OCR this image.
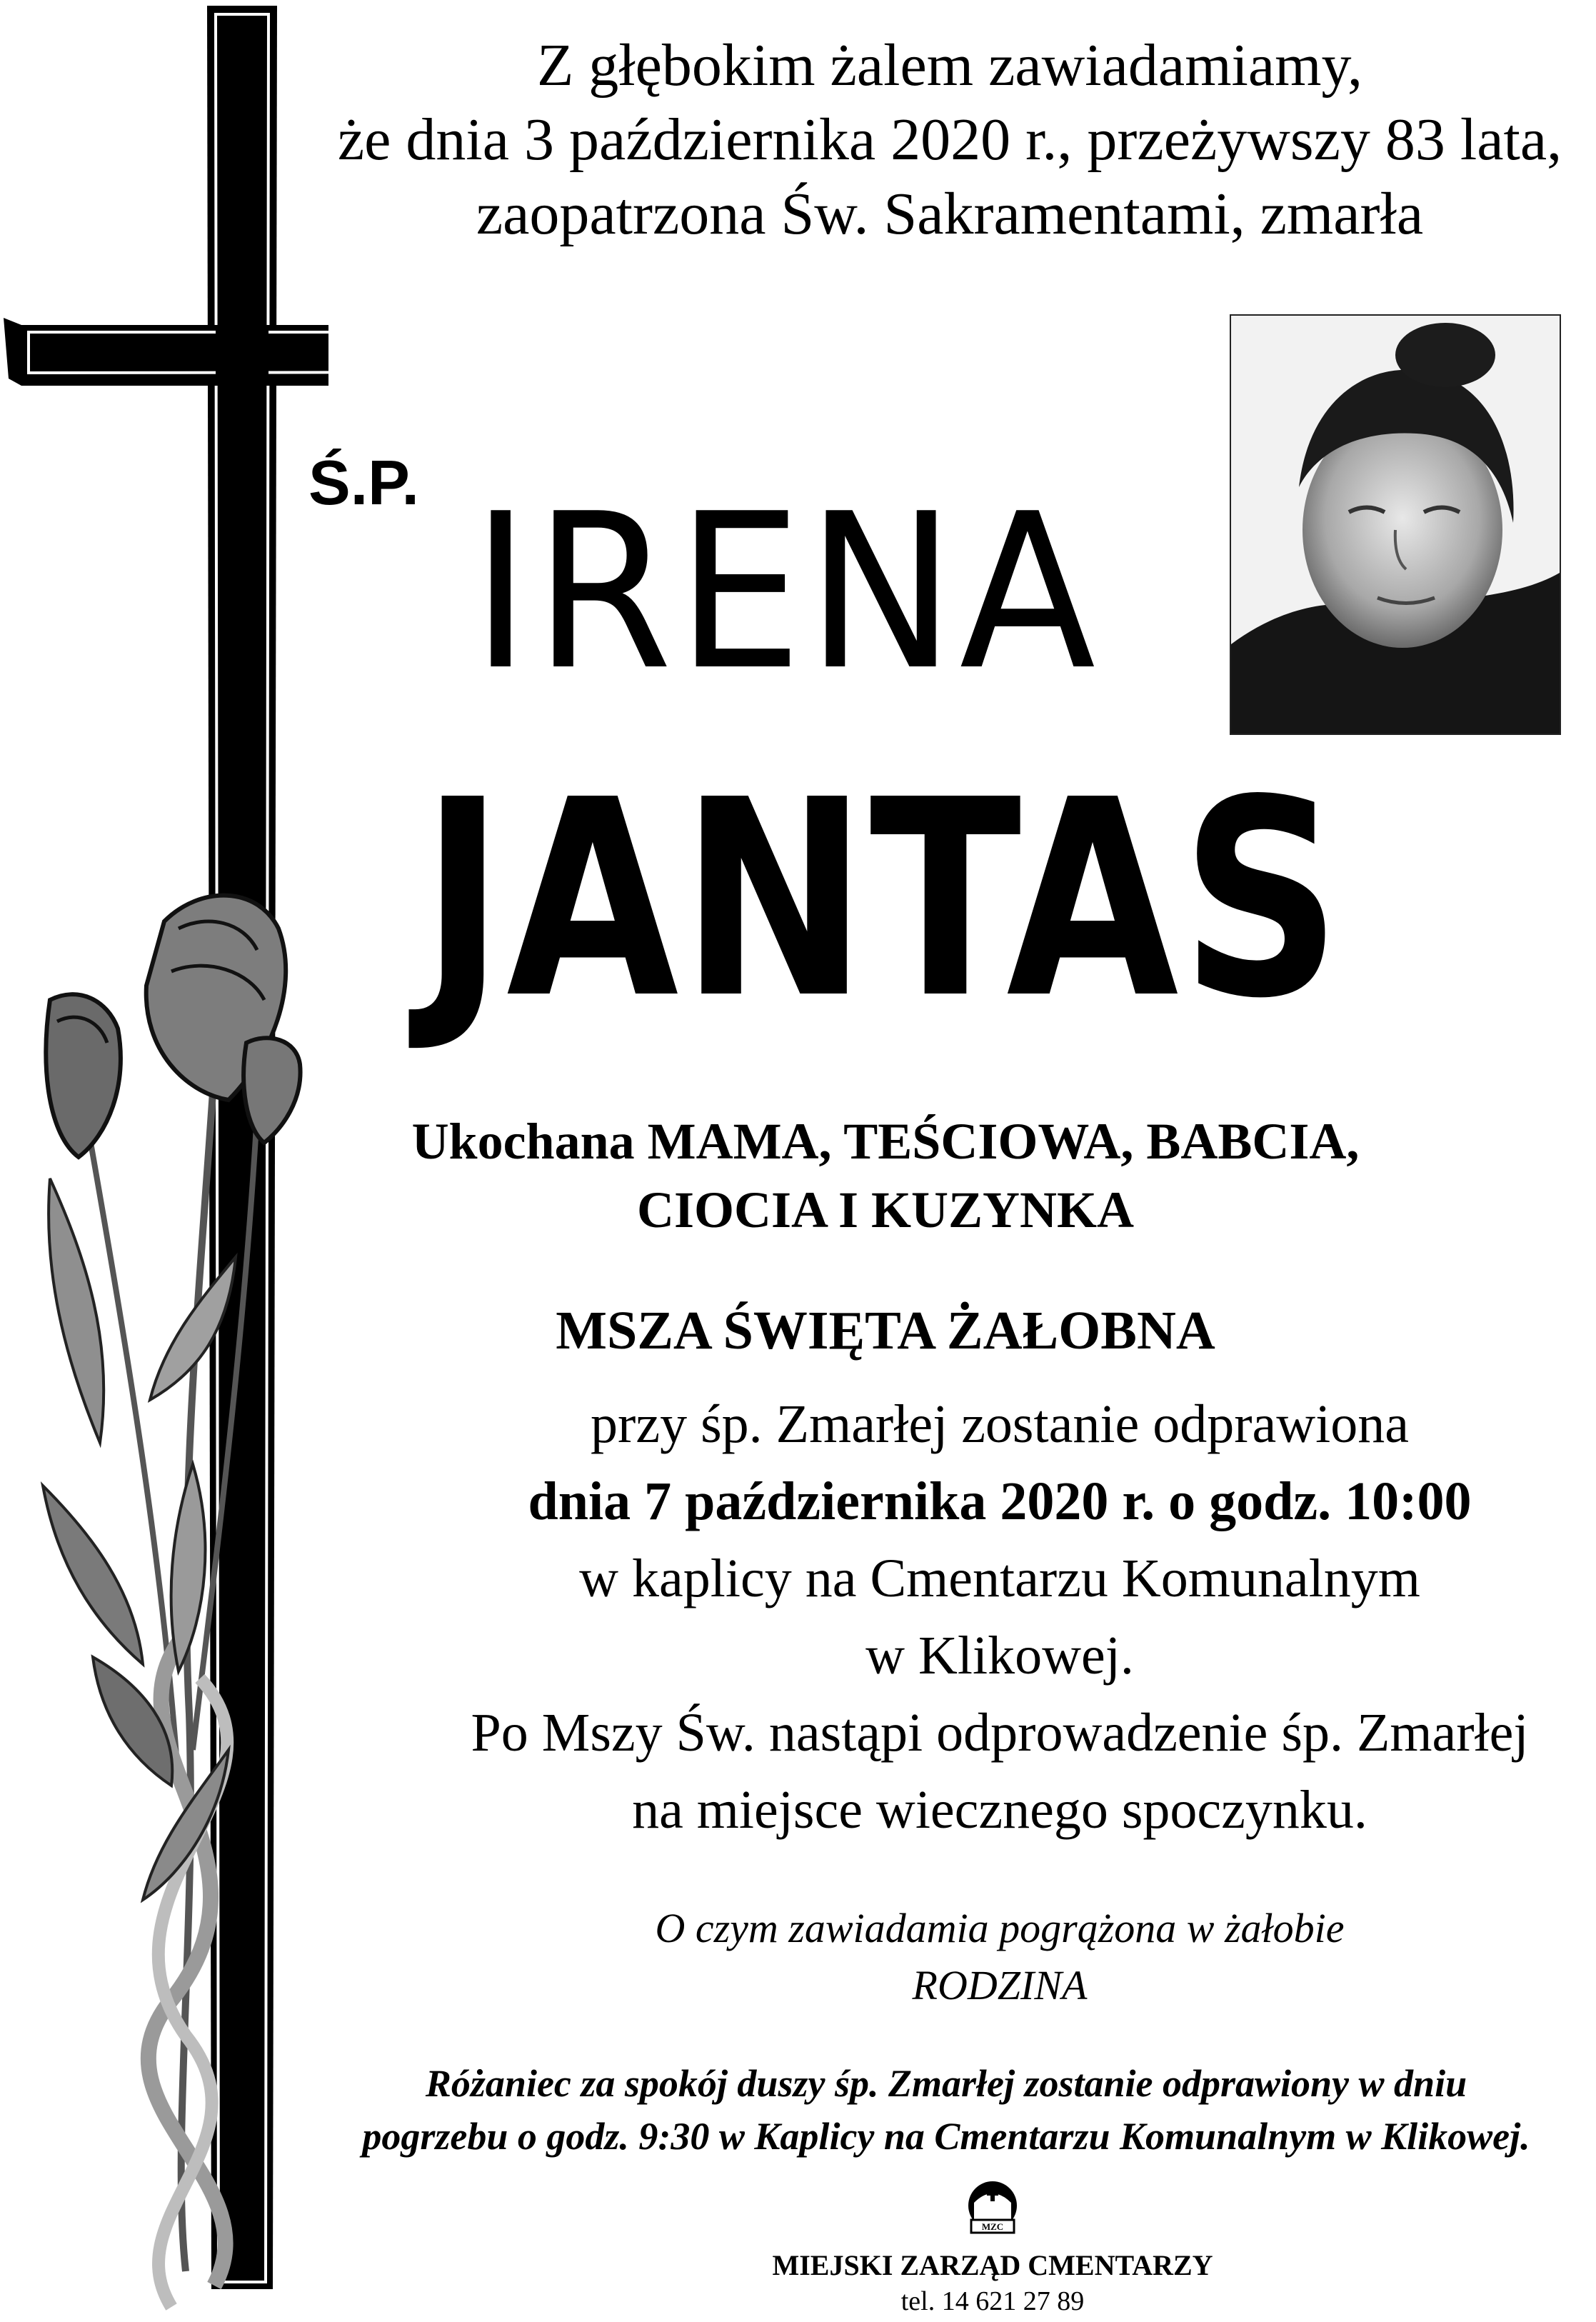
Z głębokim żalem zawiadamiamy,
że dnia 3 października 2020 r., przeżywszy 83 lata,
zaopatrzona Św. Sakramentami, zmarła
Ś.P. IRENA
JANTAS
Ukochana MAMA, TEŚCIOWA, BABCIA,
CIOCIA I KUZYNKA
MSZA ŚWIĘTA ŻAŁOBNA
przy śp. Zmarłej zostanie odprawiona
dnia 7 października 2020 r. o godz. 10:00
w kaplicy na Cmentarzu Komunalnym
w Klikowej.
Po Mszy Św. nastąpi odprowadzenie śp. Zmarłej
na miejsce wiecznego spoczynku.
O czym zawiadamia pogrążona w żałobie
RODZINA
Różaniec za spokój duszy śp. Zmarłej zostanie odprawiony w dniu
pogrzebu o godz. 9:30 w Kaplicy na Cmentarzu Komunalnym w Klikowej.
MZC
MIEJSKI ZARZĄD CMENTARZY
tel. 14 621 27 89
